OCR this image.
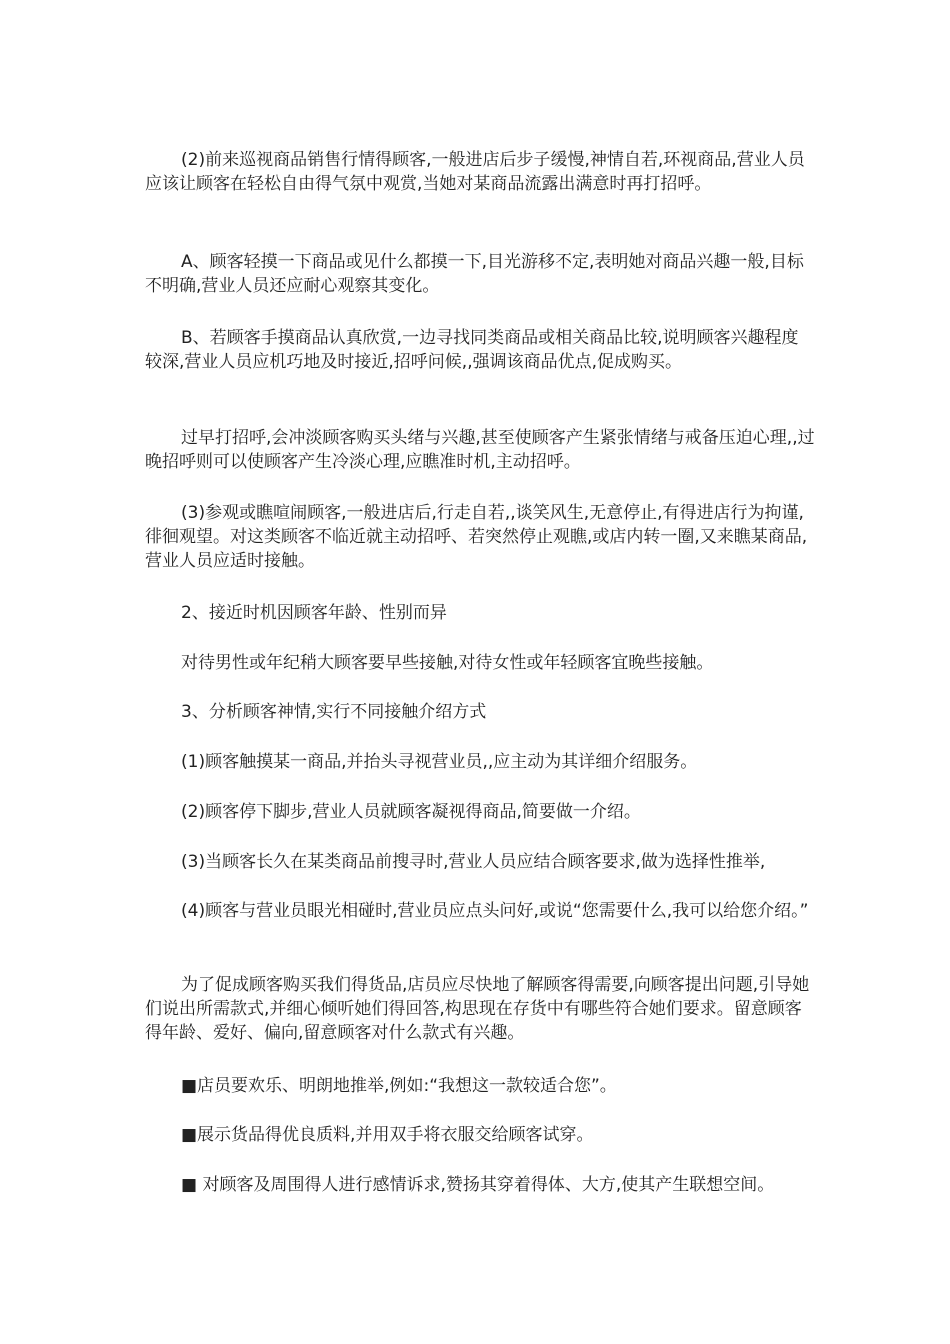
(2)前来巡视商品销售行情得顾客,一般进店后步子缓慢,神情自若,环视商品,营业人员应该让顾客在轻松自由得气氛中观赏,当她对某商品流露出满意时再打招呼。

A、顾客轻摸一下商品或见什么都摸一下,目光游移不定,表明她对商品兴趣一般,目标不明确,营业人员还应耐心观察其变化。

B、若顾客手摸商品认真欣赏,一边寻找同类商品或相关商品比较,说明顾客兴趣程度较深,营业人员应机巧地及时接近,招呼问候,,强调该商品优点,促成购买。

过早打招呼,会冲淡顾客购买头绪与兴趣,甚至使顾客产生紧张情绪与戒备压迫心理,,过晚招呼则可以使顾客产生冷淡心理,应瞧准时机,主动招呼。

(3)参观或瞧喧闹顾客,一般进店后,行走自若,,谈笑风生,无意停止,有得进店行为拘谨,徘徊观望。对这类顾客不临近就主动招呼、若突然停止观瞧,或店内转一圈,又来瞧某商品,营业人员应适时接触。

2、接近时机因顾客年龄、性别而异

对待男性或年纪稍大顾客要早些接触,对待女性或年轻顾客宜晚些接触。

3、分析顾客神情,实行不同接触介绍方式

(1)顾客触摸某一商品,并抬头寻视营业员,,应主动为其详细介绍服务。

(2)顾客停下脚步,营业人员就顾客凝视得商品,简要做一介绍。

(3)当顾客长久在某类商品前搜寻时,营业人员应结合顾客要求,做为选择性推举,

(4)顾客与营业员眼光相碰时,营业员应点头问好,或说“您需要什么,我可以给您介绍。”

为了促成顾客购买我们得货品,店员应尽快地了解顾客得需要,向顾客提出问题,引导她们说出所需款式,并细心倾听她们得回答,构思现在存货中有哪些符合她们要求。留意顾客得年龄、爱好、偏向,留意顾客对什么款式有兴趣。

■店员要欢乐、明朗地推举,例如:“我想这一款较适合您”。

■展示货品得优良质料,并用双手将衣服交给顾客试穿。

■ 对顾客及周围得人进行感情诉求,赞扬其穿着得体、大方,使其产生联想空间。
